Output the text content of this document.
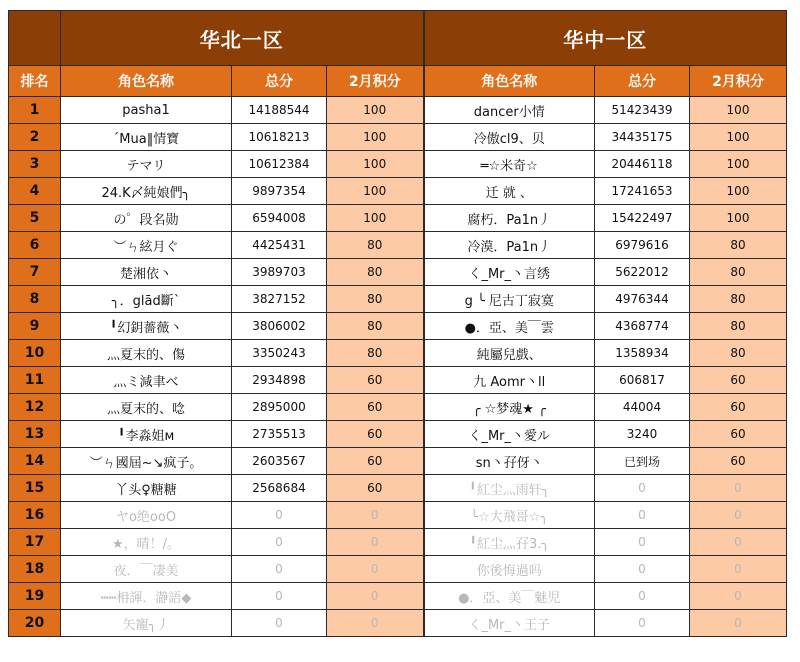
	华北一区			华中一区		
排名	角色名称	总分	2月积分	角色名称	总分	2月积分
1	pasha1	14188544	100	dancer小情	51423439	100
2	ˊMua‖情寶	10618213	100	冷傲cl9、贝	34435175	100
3	テマリ	10612384	100	═☆米奇☆	20446118	100
4	24.K〆純娘們╮	9897354	100	迁 就 、	17241653	100
5	の゜段名勋	6594008	100	腐朽．Pa1n丿	15422497	100
6	︶ㄣ絃月ぐ	4425431	80	冷漠．Pa1n丿	6979616	80
7	楚湘依丶	3989703	80	く_Mr_丶言绣	5622012	80
8	╮．glād斷ˋ	3827152	80	g ╰ 尼古丁寂寞	4976344	80
9	╹幻鈅薔薇丶	3806002	80	●．亞、美￣雲	4368774	80
10	灬夏末的、傷	3350243	80	純屬兒戲、	1358934	80
11	灬ミ減聿べ	2934898	60	九 Aomr丶ll	606817	60
12	灬夏末的、唸	2895000	60	╭ ☆梦魂★ ╭	44004	60
13	╹李淼姐м	2735513	60	く_Mr_丶愛ル	3240	60
14	︶ㄣ國屆~↘疯子。	2603567	60	sn丶孖伢丶	已到场	60
15	丫头♀糖糖	2568684	60	╹紅尘灬雨轩╮	0	0
16	ヤo绝ooO	0	0	╰☆大飛哥☆╮	0	0
17	★，晴！/。	0	0	╹紅尘灬孖3.╮	0	0
18	夜．￣凄美	0	0	你後悔過吗	0	0
19	┅┅枏諢．瀞語◆	0	0	●．亞、美￣魅児	0	0
20	矢寵╮丿	0	0	く_Mr_丶王子	0	0
